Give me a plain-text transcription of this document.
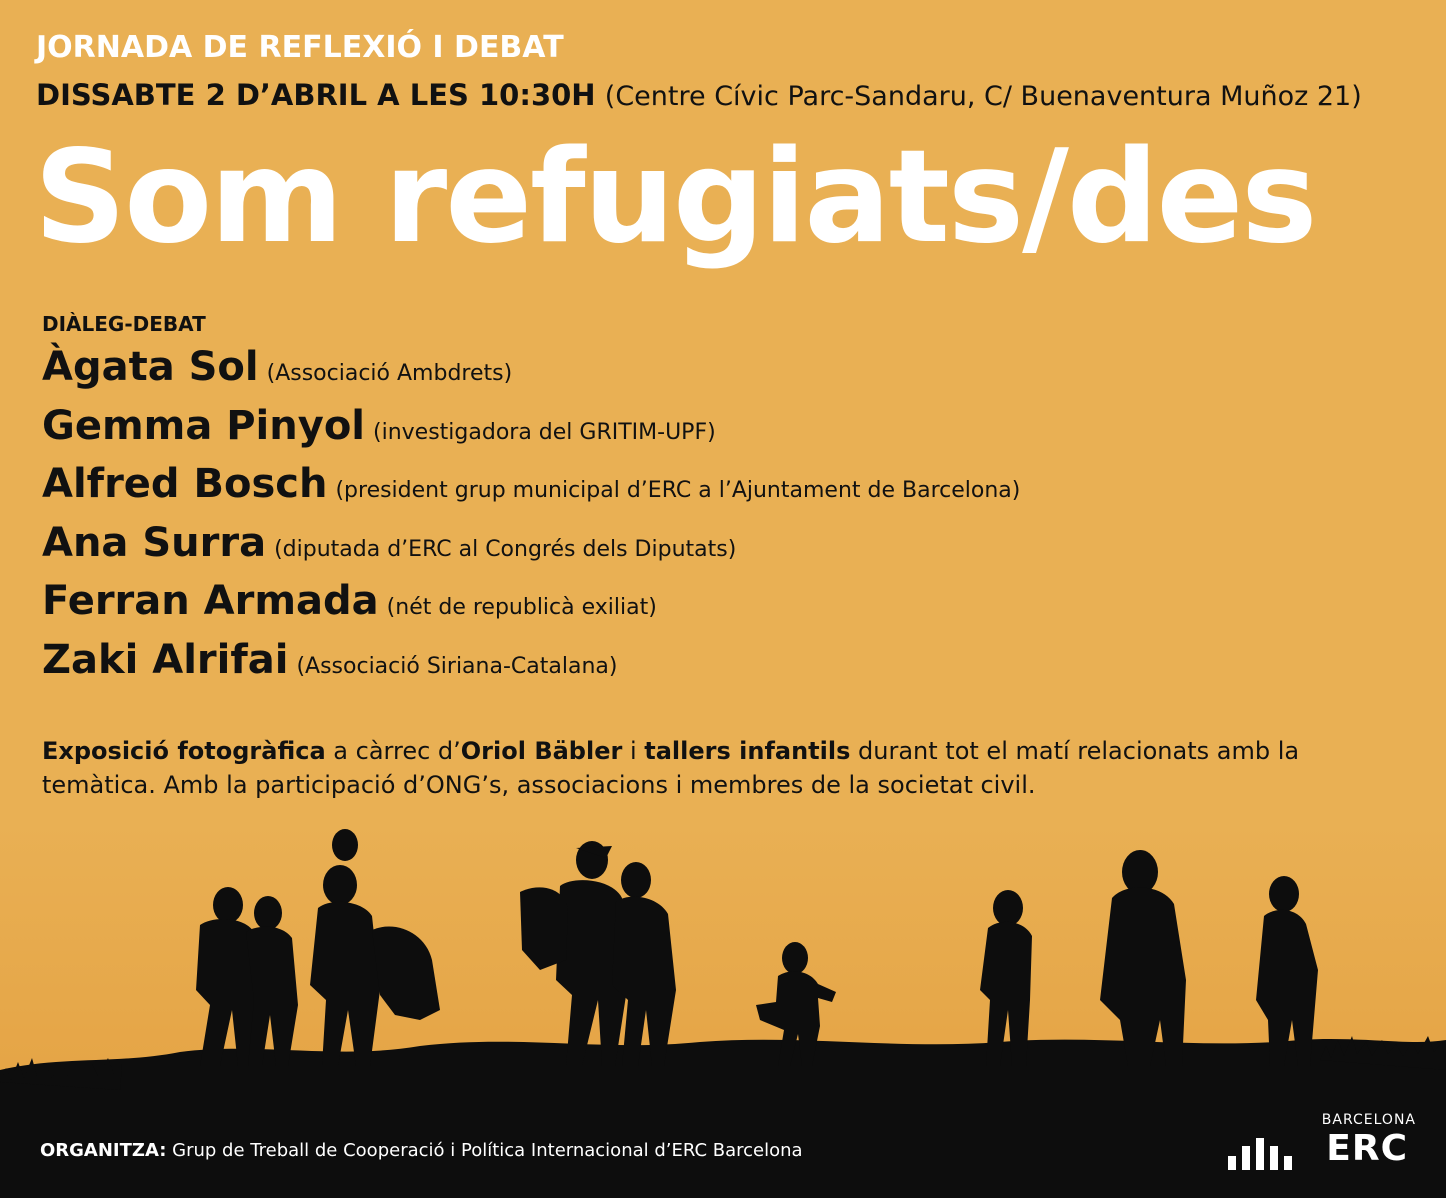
JORNADA DE REFLEXIÓ I DEBAT
DISSABTE 2 D’ABRIL A LES 10:30H (Centre Cívic Parc-Sandaru, C/ Buenaventura Muñoz 21)
Som refugiats/des
DIÀLEG-DEBAT
Àgata Sol (Associació Ambdrets)
Gemma Pinyol (investigadora del GRITIM-UPF)
Alfred Bosch (president grup municipal d’ERC a l’Ajuntament de Barcelona)
Ana Surra (diputada d’ERC al Congrés dels Diputats)
Ferran Armada (nét de republicà exiliat)
Zaki Alrifai (Associació Siriana-Catalana)
Exposició fotogràfica a càrrec d’Oriol Bäbler i tallers infantils durant tot el matí relacionats amb la temàtica. Amb la participació d’ONG’s, associacions i membres de la societat civil.
ORGANITZA: Grup de Treball de Cooperació i Política Internacional d’ERC Barcelona
BARCELONA
ERC
